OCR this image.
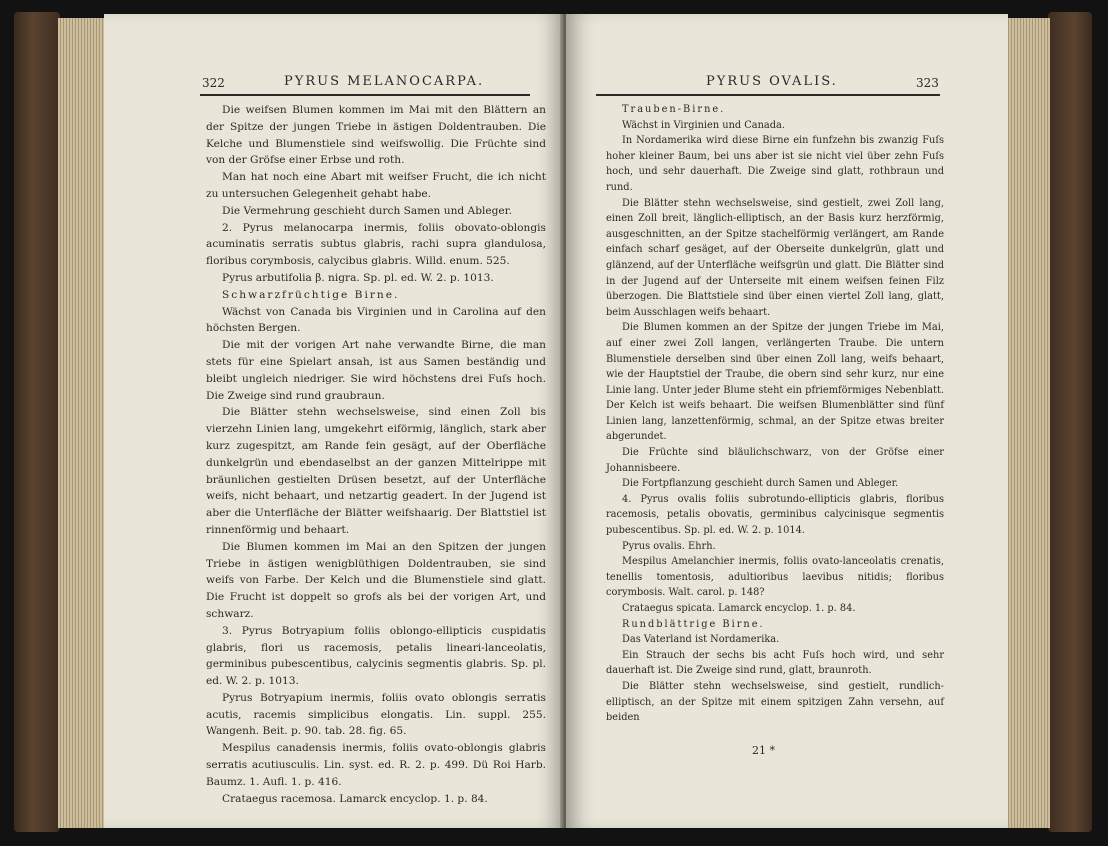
322	PYRUS MELANOCARPA.

Die weifsen Blumen kommen im Mai mit den Blättern an der Spitze der jungen Triebe in ästigen Doldentrauben. Die Kelche und Blumenstiele sind weifswollig. Die Früchte sind von der Gröfse einer Erbse und roth.

Man hat noch eine Abart mit weifser Frucht, die ich nicht zu untersuchen Gelegenheit gehabt habe.

Die Vermehrung geschieht durch Samen und Ableger.

2. Pyrus melanocarpa inermis, foliis obovato-oblongis acuminatis serratis subtus glabris, rachi supra glandulosa, floribus corymbosis, calycibus glabris. Willd. enum. 525.

Pyrus arbutifolia β. nigra. Sp. pl. ed. W. 2. p. 1013.

Schwarzfrüchtige Birne.

Wächst von Canada bis Virginien und in Carolina auf den höchsten Bergen.

Die mit der vorigen Art nahe verwandte Birne, die man stets für eine Spielart ansah, ist aus Samen beständig und bleibt ungleich niedriger. Sie wird höchstens drei Fuſs hoch. Die Zweige sind rund graubraun.

Die Blätter stehn wechselsweise, sind einen Zoll bis vierzehn Linien lang, umgekehrt eiförmig, länglich, stark aber kurz zugespitzt, am Rande fein gesägt, auf der Oberfläche dunkelgrün und ebendaselbst an der ganzen Mittelrippe mit bräunlichen gestielten Drüsen besetzt, auf der Unterfläche weifs, nicht behaart, und netzartig geadert. In der Jugend ist aber die Unterfläche der Blätter weifshaarig. Der Blattstiel ist rinnenförmig und behaart.

Die Blumen kommen im Mai an den Spitzen der jungen Triebe in ästigen wenigblüthigen Doldentrauben, sie sind weifs von Farbe. Der Kelch und die Blumenstiele sind glatt. Die Frucht ist doppelt so grofs als bei der vorigen Art, und schwarz.

3. Pyrus Botryapium foliis oblongo-ellipticis cuspidatis glabris, flori us racemosis, petalis lineari-lanceolatis, germinibus pubescentibus, calycinis segmentis glabris. Sp. pl. ed. W. 2. p. 1013.

Pyrus Botryapium inermis, foliis ovato oblongis serratis acutis, racemis simplicibus elongatis. Lin. suppl. 255. Wangenh. Beit. p. 90. tab. 28. fig. 65.

Mespilus canadensis inermis, foliis ovato-oblongis glabris serratis acutiusculis. Lin. syst. ed. R. 2. p. 499. Dü Roi Harb. Baumz. 1. Aufl. 1. p. 416.

Crataegus racemosa. Lamarck encyclop. 1. p. 84.

PYRUS OVALIS.	323

Trauben-Birne.

Wächst in Virginien und Canada.

In Nordamerika wird diese Birne ein funfzehn bis zwanzig Fuſs hoher kleiner Baum, bei uns aber ist sie nicht viel über zehn Fuſs hoch, und sehr dauerhaft. Die Zweige sind glatt, rothbraun und rund.

Die Blätter stehn wechselsweise, sind gestielt, zwei Zoll lang, einen Zoll breit, länglich-elliptisch, an der Basis kurz herzförmig, ausgeschnitten, an der Spitze stachelförmig verlängert, am Rande einfach scharf gesäget, auf der Oberseite dunkelgrün, glatt und glänzend, auf der Unterfläche weifsgrün und glatt. Die Blätter sind in der Jugend auf der Unterseite mit einem weifsen feinen Filz überzogen. Die Blattstiele sind über einen viertel Zoll lang, glatt, beim Ausschlagen weifs behaart.

Die Blumen kommen an der Spitze der jungen Triebe im Mai, auf einer zwei Zoll langen, verlängerten Traube. Die untern Blumenstiele derselben sind über einen Zoll lang, weifs behaart, wie der Hauptstiel der Traube, die obern sind sehr kurz, nur eine Linie lang. Unter jeder Blume steht ein pfriemförmiges Nebenblatt. Der Kelch ist weifs behaart. Die weifsen Blumenblätter sind fünf Linien lang, lanzettenförmig, schmal, an der Spitze etwas breiter abgerundet.

Die Früchte sind bläulichschwarz, von der Gröfse einer Johannisbeere.

Die Fortpflanzung geschieht durch Samen und Ableger.

4. Pyrus ovalis foliis subrotundo-ellipticis glabris, floribus racemosis, petalis obovatis, germinibus calycinisque segmentis pubescentibus. Sp. pl. ed. W. 2. p. 1014.

Pyrus ovalis. Ehrh.

Mespilus Amelanchier inermis, foliis ovato-lanceolatis crenatis, tenellis tomentosis, adultioribus laevibus nitidis; floribus corymbosis. Walt. carol. p. 148?

Crataegus spicata. Lamarck encyclop. 1. p. 84.

Rundblättrige Birne.

Das Vaterland ist Nordamerika.

Ein Strauch der sechs bis acht Fuſs hoch wird, und sehr dauerhaft ist. Die Zweige sind rund, glatt, braunroth.

Die Blätter stehn wechselsweise, sind gestielt, rundlich-elliptisch, an der Spitze mit einem spitzigen Zahn versehn, auf beiden

21 *
